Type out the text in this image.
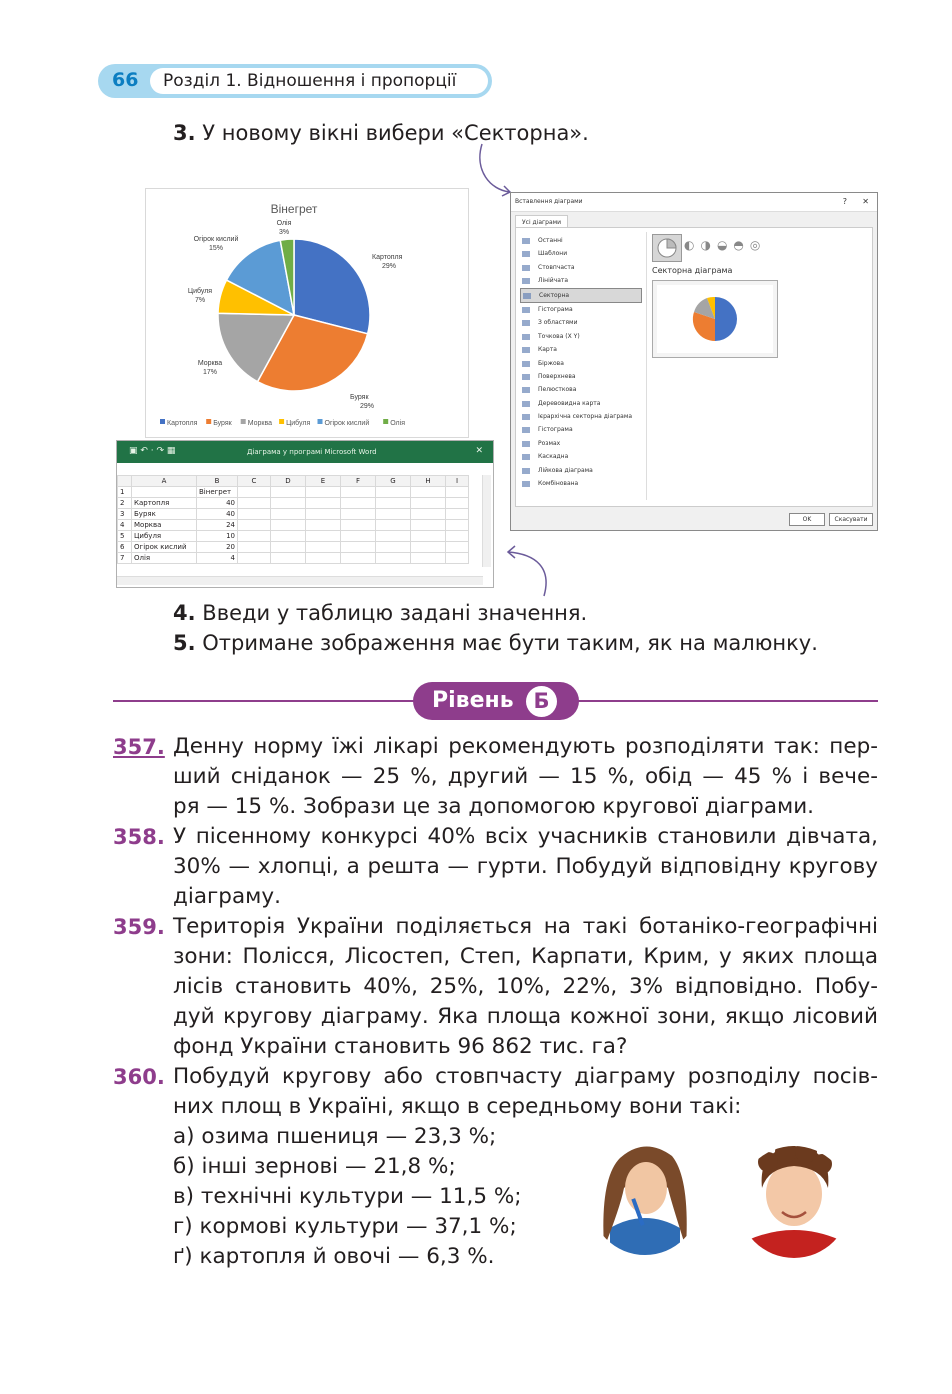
66 Розділ 1. Відношення і пропорції
3. У новому вікні вибери «Секторна».
Вінегрет
Картопля
29%
Буряк
29%
Морква
17%
Цибуля
7%
Огірок кислий
15%
Олія
3%
Картопля Буряк Морква Цибуля Огірок кислий	Олія
▣ ↶ · ↷ ▦	Діаграма у програмі Microsoft Word	✕
	A	B	C	D	E	F	G	H	I
1		Вінегрет							
2	Картопля	40							
3	Буряк	40							
4	Морква	24							
5	Цибуля	10							
6	Огірок кислий	20							
7	Олія	4							
Вставлення діаграми	? ✕
Усі діаграми
Останні
Шаблони
Стовпчаста
Лінійчата
Секторна
Гістограма
З областями
Точкова (X Y)
Карта
Біржова
Поверхнева
Пелюсткова
Деревовидна карта
Ієрархічна секторна діаграма
Гістограма
Розмах
Каскадна
Лійкова діаграма
Комбінована
◐◑◒◓◎
Секторна діаграма
OK	Скасувати
4. Введи у таблицю задані значення.
5. Отримане зображення має бути таким, як на малюнку.
Рівень Б
357. Денну норму їжі лікарі рекомендують розподіляти так: пер-
ший сніданок — 25 %, другий — 15 %, обід — 45 % і вече-
ря — 15 %. Зобрази це за допомогою кругової діаграми.
358. У пісенному конкурсі 40% всіх учасників становили дівчата,
30% — хлопці, а решта — гурти. Побудуй відповідну кругову
діаграму.
359. Територія України поділяється на такі ботаніко-географічні
зони: Полісся, Лісостеп, Степ, Карпати, Крим, у яких площа
лісів становить 40%, 25%, 10%, 22%, 3% відповідно. Побу-
дуй кругову діаграму. Яка площа кожної зони, якщо лісовий
фонд України становить 96 862 тис. га?
360. Побудуй кругову або стовпчасту діаграму розподілу посів-
них площ в Україні, якщо в середньому вони такі:
а) озима пшениця — 23,3 %;
б) інші зернові — 21,8 %;
в) технічні культури — 11,5 %;
г) кормові культури — 37,1 %;
ґ) картопля й овочі — 6,3 %.
